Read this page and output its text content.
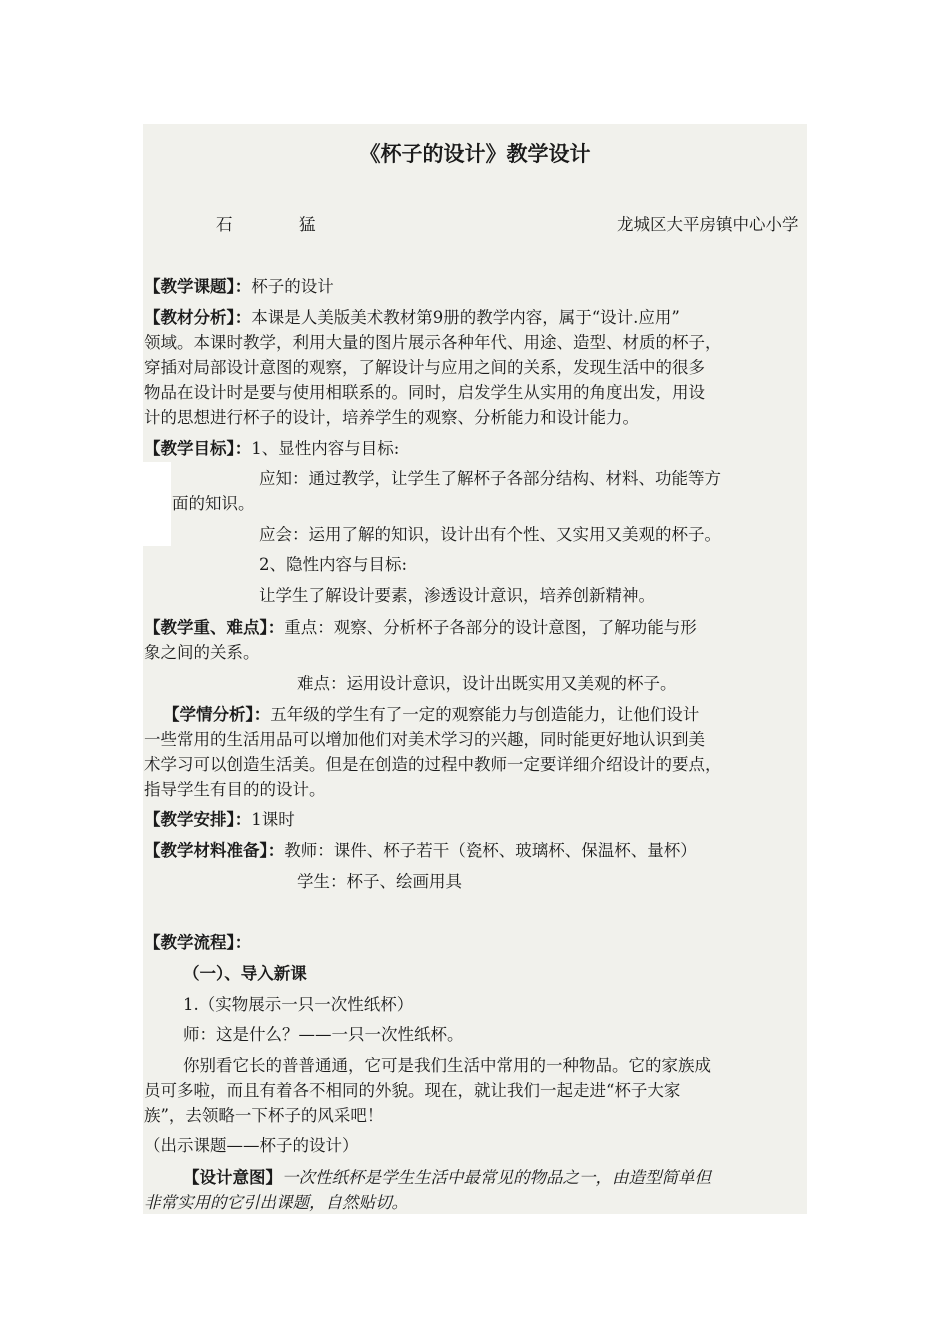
《杯子的设计》教学设计
石	猛	龙城区大平房镇中心小学
【教学课题】：杯子的设计
【教材分析】：本课是人美版美术教材第9册的教学内容，属于“设计.应用”
领域。本课时教学，利用大量的图片展示各种年代、用途、造型、材质的杯子，
穿插对局部设计意图的观察，了解设计与应用之间的关系，发现生活中的很多
物品在设计时是要与使用相联系的。同时，启发学生从实用的角度出发，用设
计的思想进行杯子的设计，培养学生的观察、分析能力和设计能力。
【教学目标】：1、显性内容与目标:
应知：通过教学，让学生了解杯子各部分结构、材料、功能等方
面的知识。
应会：运用了解的知识，设计出有个性、又实用又美观的杯子。
2、隐性内容与目标:
让学生了解设计要素，渗透设计意识，培养创新精神。
【教学重、难点】：重点：观察、分析杯子各部分的设计意图，了解功能与形
象之间的关系。
难点：运用设计意识，设计出既实用又美观的杯子。
【学情分析】：五年级的学生有了一定的观察能力与创造能力，让他们设计
一些常用的生活用品可以增加他们对美术学习的兴趣，同时能更好地认识到美
术学习可以创造生活美。但是在创造的过程中教师一定要详细介绍设计的要点，
指导学生有目的的设计。
【教学安排】：1课时
【教学材料准备】：教师：课件、杯子若干（瓷杯、玻璃杯、保温杯、量杯）
学生：杯子、绘画用具
【教学流程】：
（一）、导入新课
1.（实物展示一只一次性纸杯）
师：这是什么？——一只一次性纸杯。
你别看它长的普普通通，它可是我们生活中常用的一种物品。它的家族成
员可多啦，而且有着各不相同的外貌。现在，就让我们一起走进“杯子大家
族”，去领略一下杯子的风采吧！
（出示课题——杯子的设计）
【设计意图】一次性纸杯是学生生活中最常见的物品之一，由造型简单但
非常实用的它引出课题，自然贴切。
